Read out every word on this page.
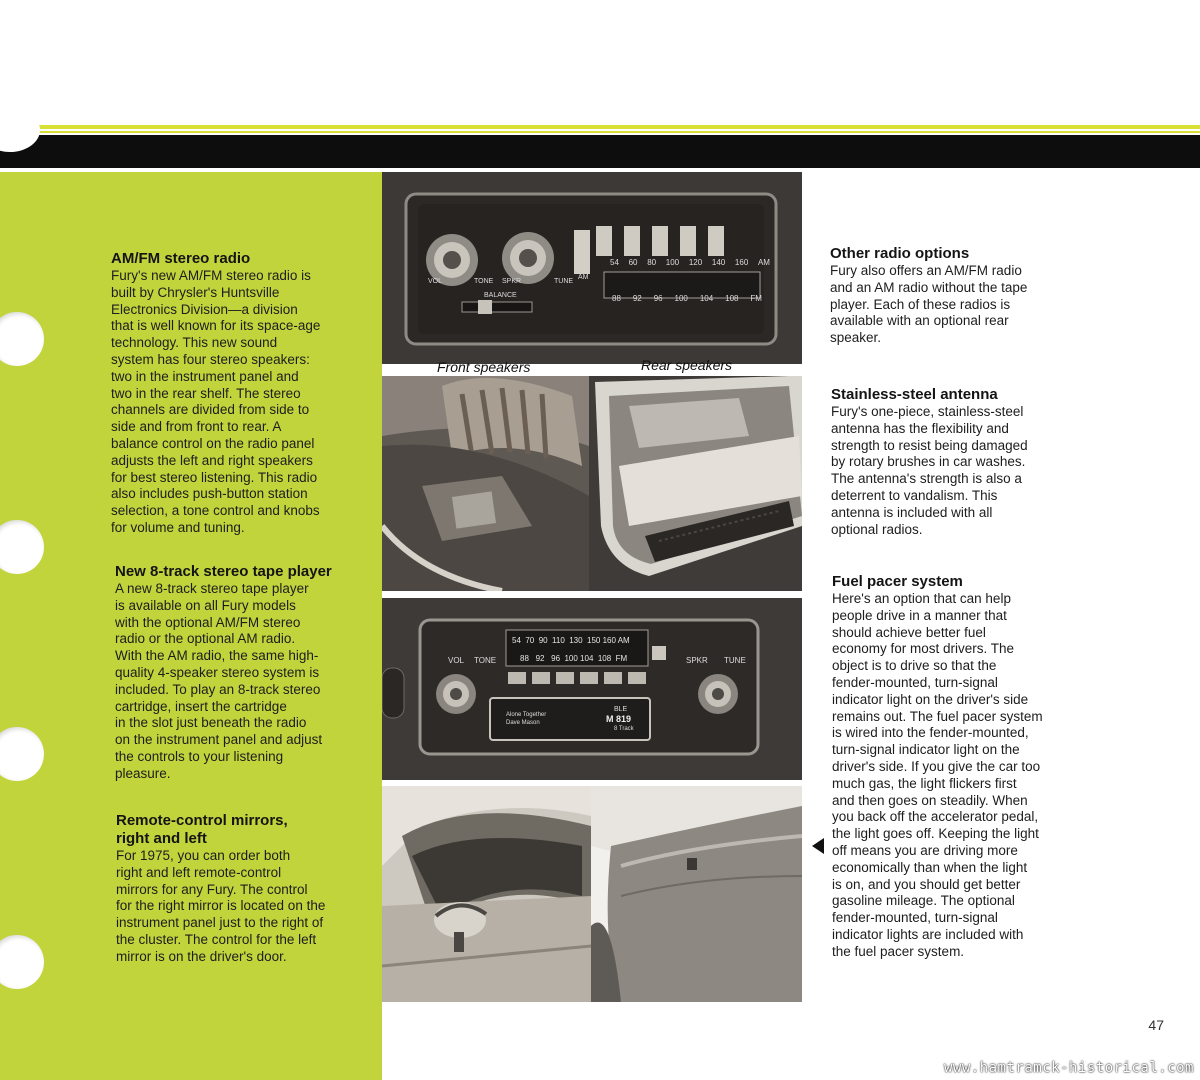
AM/FM stereo radio

Fury's new AM/FM stereo radio is
built by Chrysler's Huntsville
Electronics Division—a division
that is well known for its space-age
technology. This new sound
system has four stereo speakers:
two in the instrument panel and
two in the rear shelf. The stereo
channels are divided from side to
side and from front to rear. A
balance control on the radio panel
adjusts the left and right speakers
for best stereo listening. This radio
also includes push-button station
selection, a tone control and knobs
for volume and tuning.

New 8-track stereo tape player

A new 8-track stereo tape player
is available on all Fury models
with the optional AM/FM stereo
radio or the optional AM radio.
With the AM radio, the same high-
quality 4-speaker stereo system is
included. To play an 8-track stereo
cartridge, insert the cartridge
in the slot just beneath the radio
on the instrument panel and adjust
the controls to your listening
pleasure.

Remote-control mirrors,
right and left

For 1975, you can order both
right and left remote-control
mirrors for any Fury. The control
for the right mirror is located on the
instrument panel just to the right of
the cluster. The control for the left
mirror is on the driver's door.

VOL	TONE SPKR	TUNE
AM
BALANCE
54 60 80 100 120 140 160 AM
88 92 96 100 104 108 FM
Front speakers	Rear speakers
VOL TONE	SPKR TUNE
54  70  90  110  130  150 160 AM
88   92   96  100 104  108  FM
Alone Together
Dave Mason
BLE
M 819
8 Track
Other radio options

Fury also offers an AM/FM radio
and an AM radio without the tape
player. Each of these radios is
available with an optional rear
speaker.

Stainless-steel antenna

Fury's one-piece, stainless-steel
antenna has the flexibility and
strength to resist being damaged
by rotary brushes in car washes.
The antenna's strength is also a
deterrent to vandalism. This
antenna is included with all
optional radios.

Fuel pacer system

Here's an option that can help
people drive in a manner that
should achieve better fuel
economy for most drivers. The
object is to drive so that the
fender-mounted, turn-signal
indicator light on the driver's side
remains out. The fuel pacer system
is wired into the fender-mounted,
turn-signal indicator light on the
driver's side. If you give the car too
much gas, the light flickers first
and then goes on steadily. When
you back off the accelerator pedal,
the light goes off. Keeping the light
off means you are driving more
economically than when the light
is on, and you should get better
gasoline mileage. The optional
fender-mounted, turn-signal
indicator lights are included with
the fuel pacer system.

47
www.hamtramck-historical.com
